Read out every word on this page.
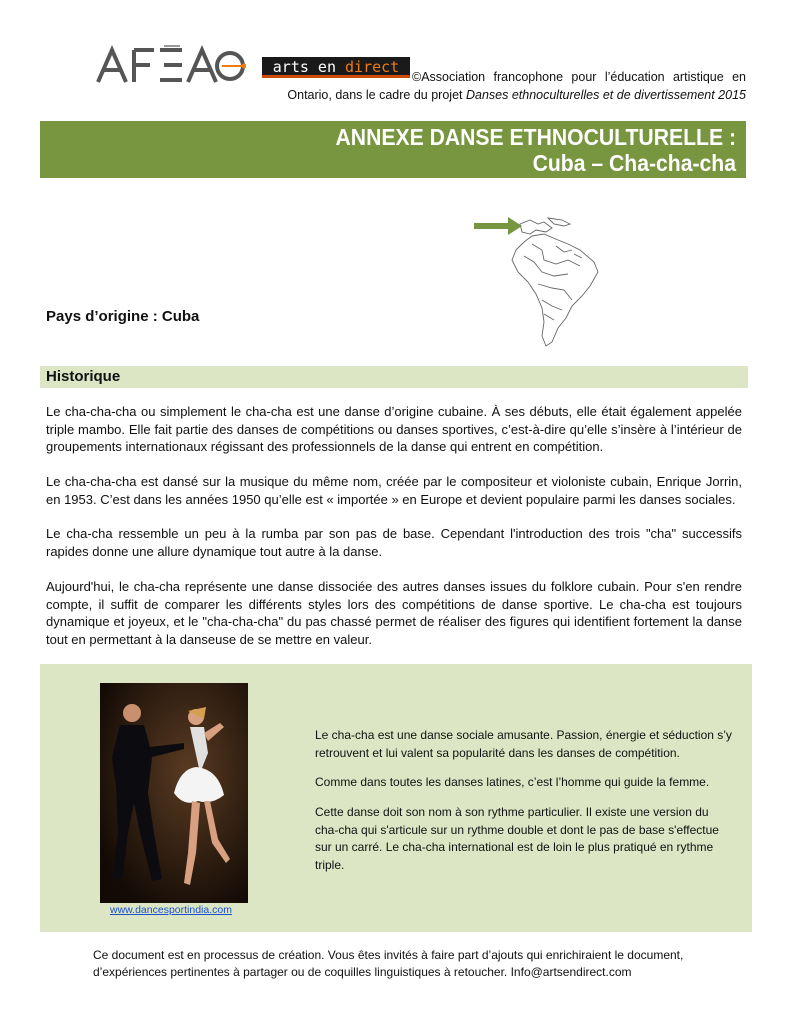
arts en direct
©Association francophone pour l’éducation artistique en
Ontario, dans le cadre du projet Danses ethnoculturelles et de divertissement 2015
ANNEXE DANSE ETHNOCULTURELLE :
Cuba – Cha-cha-cha
Pays d’origine : Cuba
Historique

Le cha-cha-cha ou simplement le cha-cha est une danse d’origine cubaine. À ses débuts, elle était également appelée triple mambo. Elle fait partie des danses de compétitions ou danses sportives, c’est-à-dire qu’elle s’insère à l’intérieur de groupements internationaux régissant des professionnels de la danse qui entrent en compétition.

Le cha-cha-cha est dansé sur la musique du même nom, créée par le compositeur et violoniste cubain, Enrique Jorrin, en 1953. C’est dans les années 1950 qu’elle est « importée » en Europe et devient populaire parmi les danses sociales.

Le cha-cha ressemble un peu à la rumba par son pas de base. Cependant l'introduction des trois "cha" successifs rapides donne une allure dynamique tout autre à la danse.

Aujourd'hui, le cha-cha représente une danse dissociée des autres danses issues du folklore cubain. Pour s'en rendre compte, il suffit de comparer les différents styles lors des compétitions de danse sportive. Le cha-cha est toujours dynamique et joyeux, et le "cha-cha-cha" du pas chassé permet de réaliser des figures qui identifient fortement la danse tout en permettant à la danseuse de se mettre en valeur.

www.dancesportindia.com

Le cha-cha est une danse sociale amusante. Passion, énergie et séduction s’y retrouvent et lui valent sa popularité dans les danses de compétition.

Comme dans toutes les danses latines, c’est l’homme qui guide la femme.

Cette danse doit son nom à son rythme particulier. Il existe une version du cha-cha qui s'articule sur un rythme double et dont le pas de base s'effectue sur un carré. Le cha-cha international est de loin le plus pratiqué en rythme triple.

Ce document est en processus de création. Vous êtes invités à faire part d’ajouts qui enrichiraient le document, d’expériences pertinentes à partager ou de coquilles linguistiques à retoucher. Info@artsendirect.com
